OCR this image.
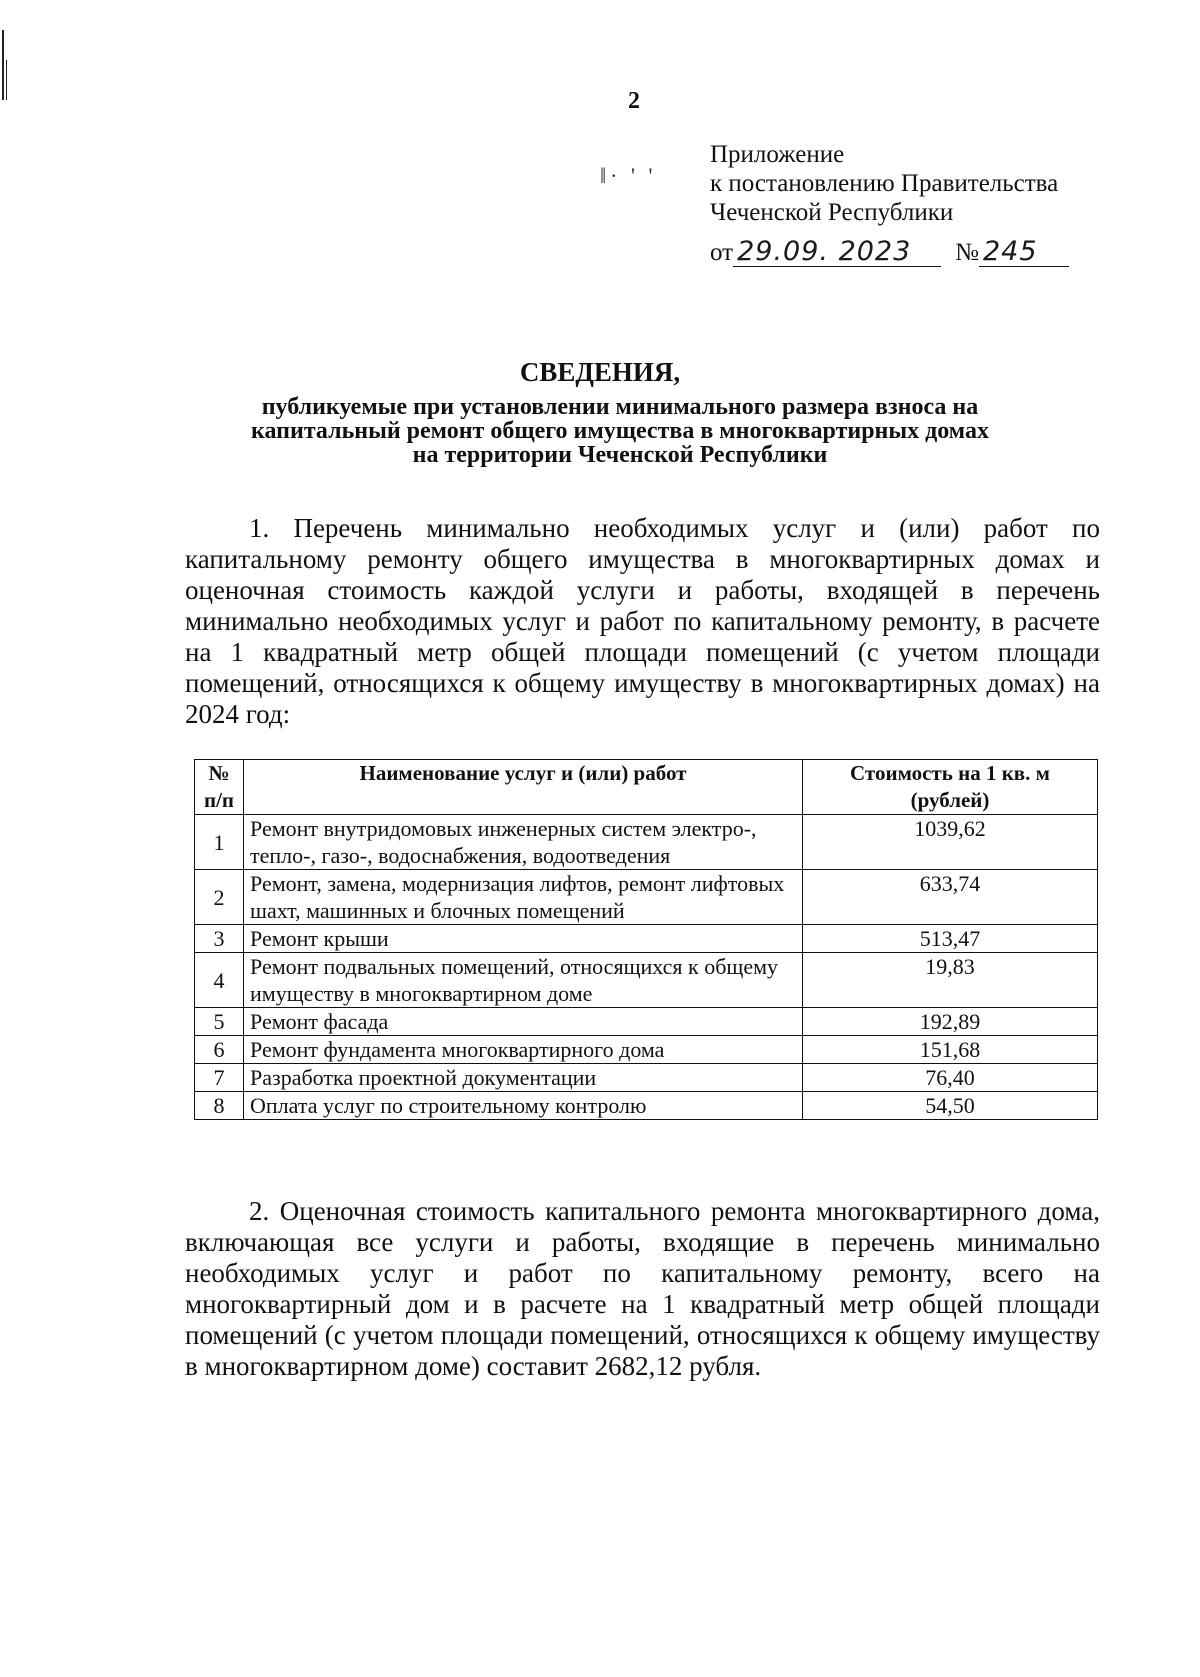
2
‖· ' '
Приложение
к постановлению Правительства
Чеченской Республики
от 29.09. 2023	№ 245
СВЕДЕНИЯ,
публикуемые при установлении минимального размера взноса на
капитальный ремонт общего имущества в многоквартирных домах
на территории Чеченской Республики
1. Перечень минимально необходимых услуг и (или) работ по капитальному ремонту общего имущества в многоквартирных домах и оценочная стоимость каждой услуги и работы, входящей в перечень минимально необходимых услуг и работ по капитальному ремонту, в расчете на 1 квадратный метр общей площади помещений (с учетом площади помещений, относящихся к общему имуществу в многоквартирных домах) на 2024 год:
№ п/п	Наименование услуг и (или) работ	Стоимость на 1 кв. м (рублей)
1	Ремонт внутридомовых инженерных систем электро-, тепло-, газо-, водоснабжения, водоотведения	1039,62
2	Ремонт, замена, модернизация лифтов, ремонт лифтовых шахт, машинных и блочных помещений	633,74
3	Ремонт крыши	513,47
4	Ремонт подвальных помещений, относящихся к общему имуществу в многоквартирном доме	19,83
5	Ремонт фасада	192,89
6	Ремонт фундамента многоквартирного дома	151,68
7	Разработка проектной документации	76,40
8	Оплата услуг по строительному контролю	54,50
2. Оценочная стоимость капитального ремонта многоквартирного дома, включающая все услуги и работы, входящие в перечень минимально необходимых услуг и работ по капитальному ремонту, всего на многоквартирный дом и в расчете на 1 квадратный метр общей площади помещений (с учетом площади помещений, относящихся к общему имуществу в многоквартирном доме) составит 2682,12 рубля.
